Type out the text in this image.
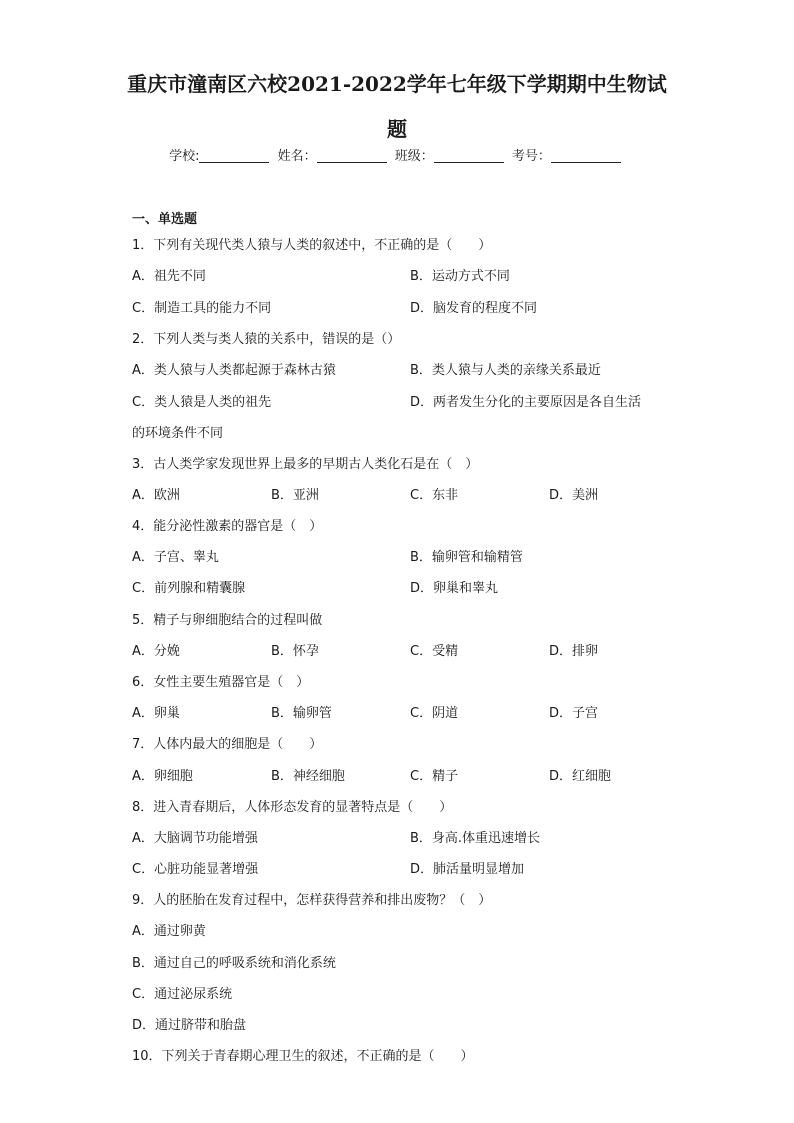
重庆市潼南区六校2021-2022学年七年级下学期期中生物试
题
学校:	姓名：	班级：	考号：
一、单选题
1．下列有关现代类人猿与人类的叙述中，不正确的是（　　）
A．祖先不同	B．运动方式不同
C．制造工具的能力不同	D．脑发育的程度不同
2．下列人类与类人猿的关系中，错误的是（）
A．类人猿与人类都起源于森林古猿	B．类人猿与人类的亲缘关系最近
C．类人猿是人类的祖先	D．两者发生分化的主要原因是各自生活
的环境条件不同
3．古人类学家发现世界上最多的早期古人类化石是在（　）
A．欧洲	B．亚洲	C．东非	D．美洲
4．能分泌性激素的器官是（　）
A．子宫、睾丸	B．输卵管和输精管
C．前列腺和精囊腺	D．卵巢和睾丸
5．精子与卵细胞结合的过程叫做
A．分娩	B．怀孕	C．受精	D．排卵
6．女性主要生殖器官是（　）
A．卵巢	B．输卵管	C．阴道	D．子宫
7．人体内最大的细胞是（　　）
A．卵细胞	B．神经细胞	C．精子	D．红细胞
8．进入青春期后，人体形态发育的显著特点是（　　）
A．大脑调节功能增强	B．身高.体重迅速增长
C．心脏功能显著增强	D．肺活量明显增加
9．人的胚胎在发育过程中，怎样获得营养和排出废物？（　）
A．通过卵黄
B．通过自己的呼吸系统和消化系统
C．通过泌尿系统
D．通过脐带和胎盘
10．下列关于青春期心理卫生的叙述，不正确的是（　　）
